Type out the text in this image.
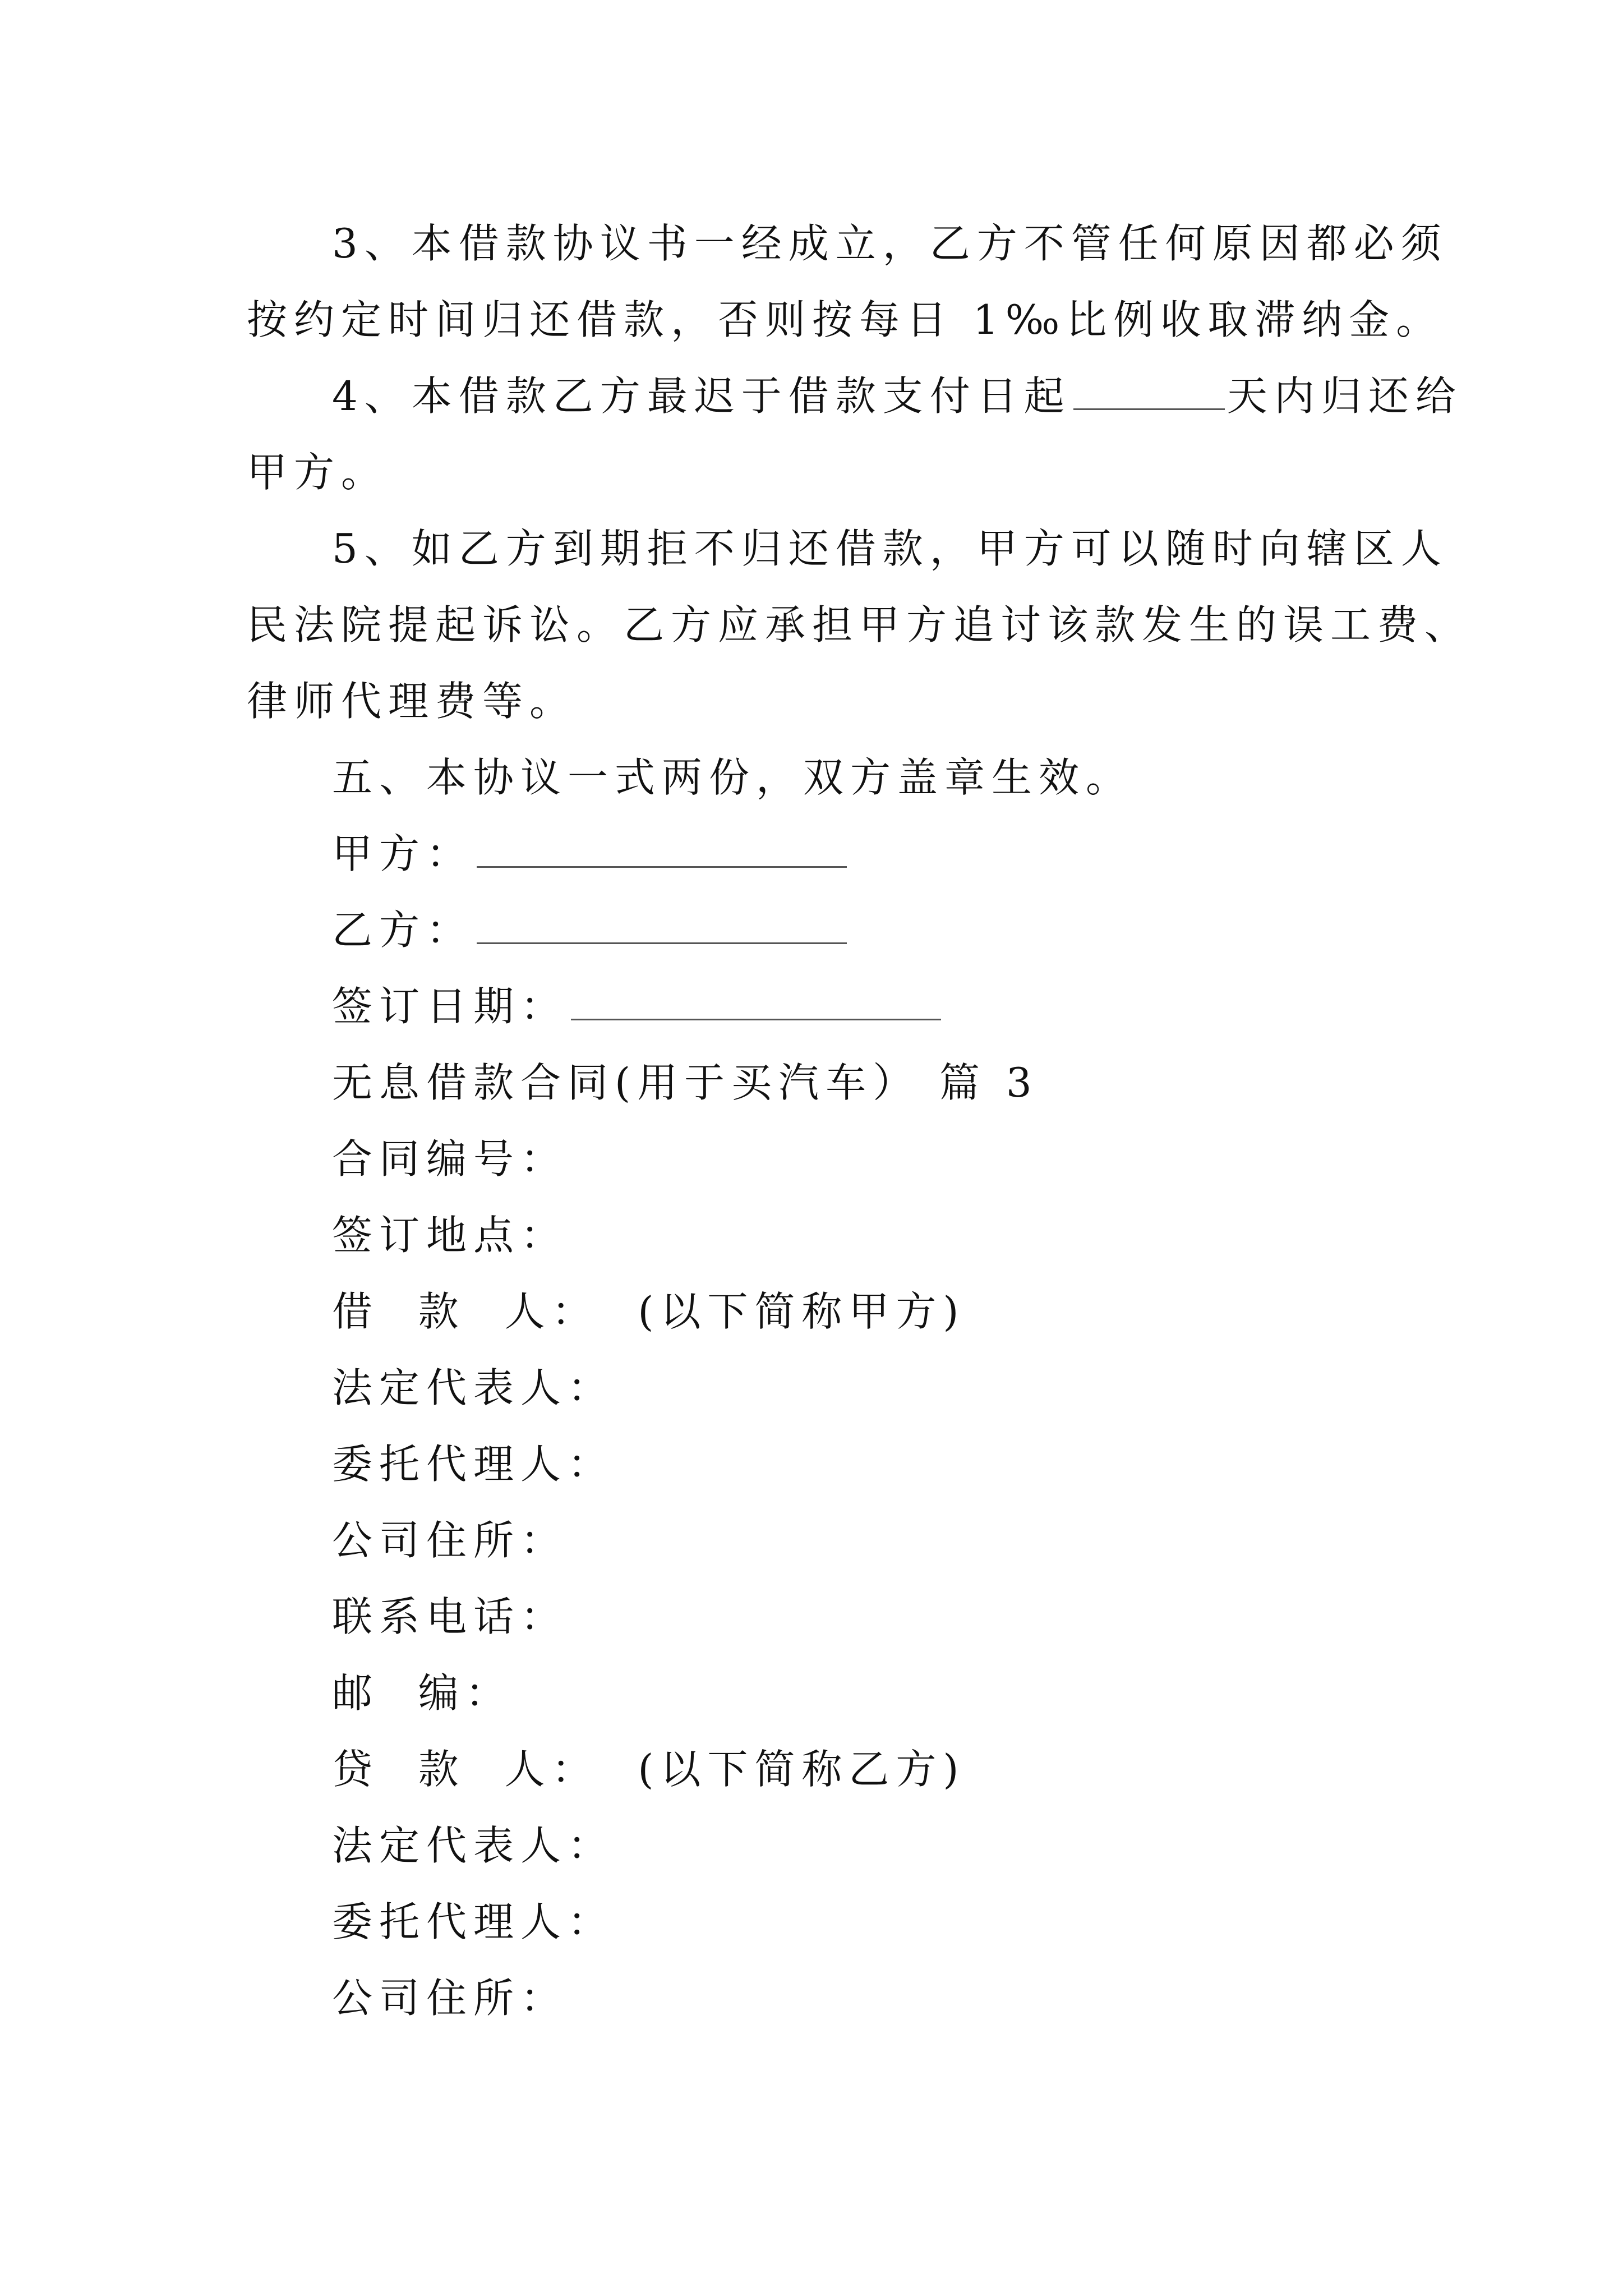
3、本借款协议书一经成立，乙方不管任何原因都必须
按约定时间归还借款，否则按每日 1‰比例收取滞纳金。
4、本借款乙方最迟于借款支付日起	天内归还给
甲方。
5、如乙方到期拒不归还借款，甲方可以随时向辖区人
民法院提起诉讼。乙方应承担甲方追讨该款发生的误工费、
律师代理费等。
五、本协议一式两份，双方盖章生效。
甲方：
乙方：
签订日期：
无息借款合同(用于买汽车） 篇 3
合同编号：
签订地点：
借  款  人：  (以下简称甲方)
法定代表人：
委托代理人：
公司住所：
联系电话：
邮  编：
贷  款  人：  (以下简称乙方)
法定代表人：
委托代理人：
公司住所：
